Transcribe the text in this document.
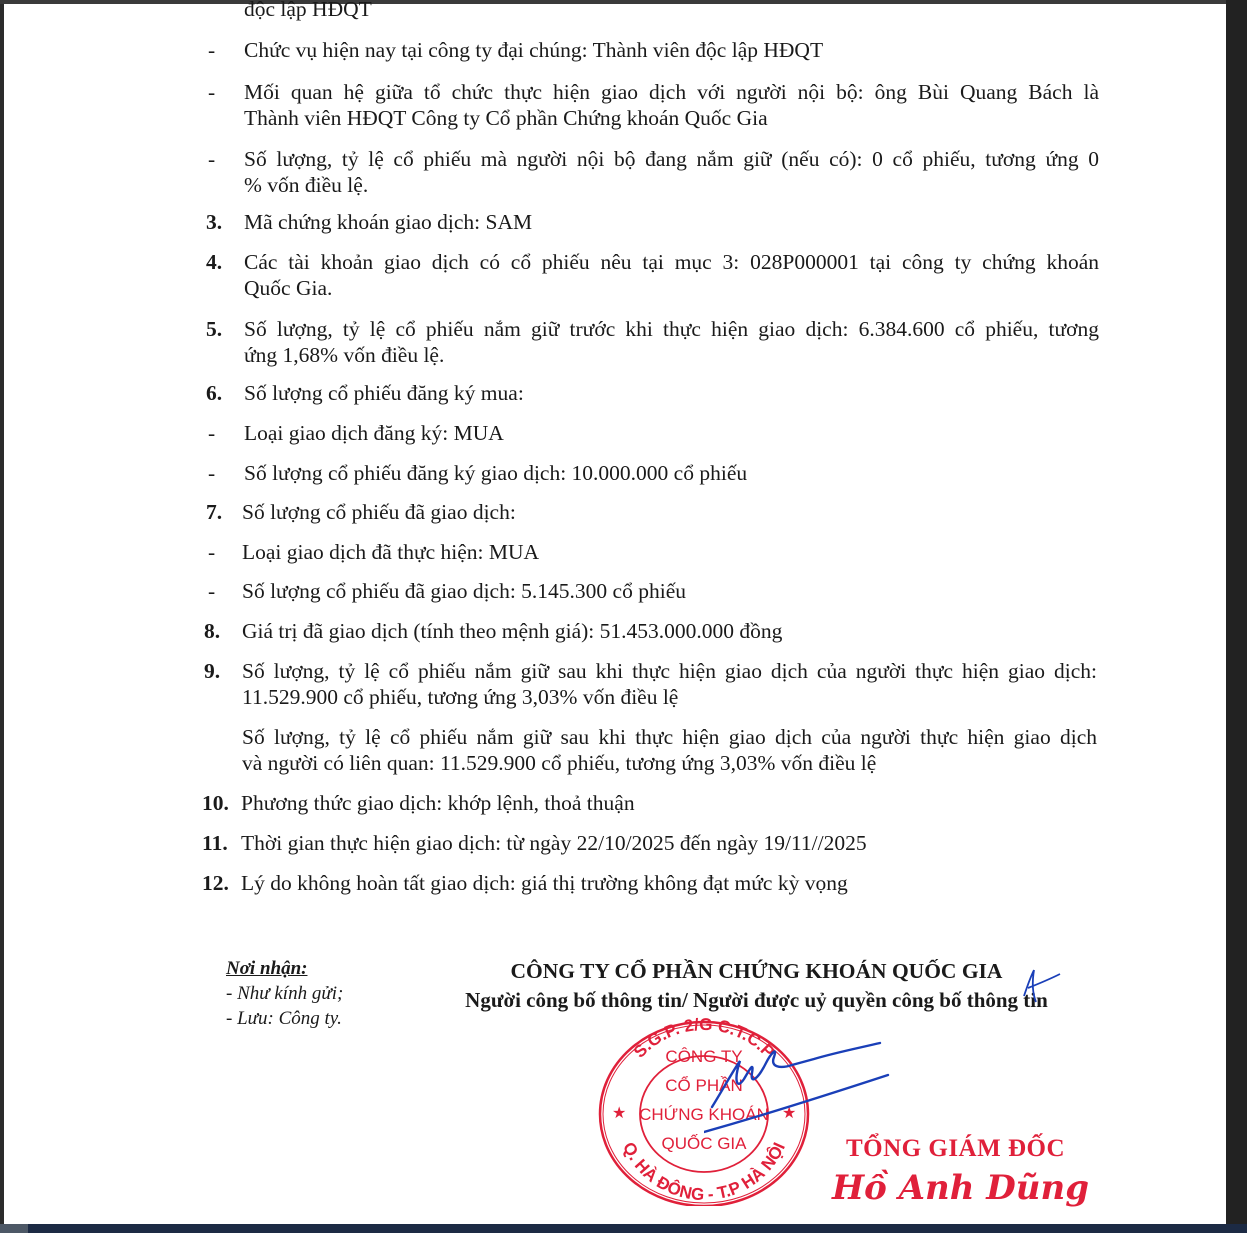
độc lập HĐQT
- Chức vụ hiện nay tại công ty đại chúng: Thành viên độc lập HĐQT
- Mối quan hệ giữa tổ chức thực hiện giao dịch với người nội bộ: ông Bùi Quang Bách là
Thành viên HĐQT Công ty Cổ phần Chứng khoán Quốc Gia
- Số lượng, tỷ lệ cổ phiếu mà người nội bộ đang nắm giữ (nếu có): 0 cổ phiếu, tương ứng 0
% vốn điều lệ.
3. Mã chứng khoán giao dịch: SAM
4. Các tài khoản giao dịch có cổ phiếu nêu tại mục 3: 028P000001 tại công ty chứng khoán
Quốc Gia.
5. Số lượng, tỷ lệ cổ phiếu nắm giữ trước khi thực hiện giao dịch: 6.384.600 cổ phiếu, tương
ứng 1,68% vốn điều lệ.
6. Số lượng cổ phiếu đăng ký mua:
- Loại giao dịch đăng ký: MUA
- Số lượng cổ phiếu đăng ký giao dịch: 10.000.000 cổ phiếu
7. Số lượng cổ phiếu đã giao dịch:
- Loại giao dịch đã thực hiện: MUA
- Số lượng cổ phiếu đã giao dịch: 5.145.300 cổ phiếu
8. Giá trị đã giao dịch (tính theo mệnh giá): 51.453.000.000 đồng
9. Số lượng, tỷ lệ cổ phiếu nắm giữ sau khi thực hiện giao dịch của người thực hiện giao dịch:
11.529.900 cổ phiếu, tương ứng 3,03% vốn điều lệ
Số lượng, tỷ lệ cổ phiếu nắm giữ sau khi thực hiện giao dịch của người thực hiện giao dịch
và người có liên quan: 11.529.900 cổ phiếu, tương ứng 3,03% vốn điều lệ
10. Phương thức giao dịch: khớp lệnh, thoả thuận
11. Thời gian thực hiện giao dịch: từ ngày 22/10/2025 đến ngày 19/11//2025
12. Lý do không hoàn tất giao dịch: giá thị trường không đạt mức kỳ vọng
Nơi nhận:
- Như kính gửi;
- Lưu: Công ty.
CÔNG TY CỔ PHẦN CHỨNG KHOÁN QUỐC GIA
Người công bố thông tin/ Người được uỷ quyền công bố thông tin
S.G.P. 2/G C.T.C.P
Q. HÀ ĐÔNG - T.P HÀ NỘI
★	★
CÔNG TY
CỔ PHẦN
CHỨNG KHOÁN
QUỐC GIA	TỔNG GIÁM ĐỐC
Hồ Anh Dũng
